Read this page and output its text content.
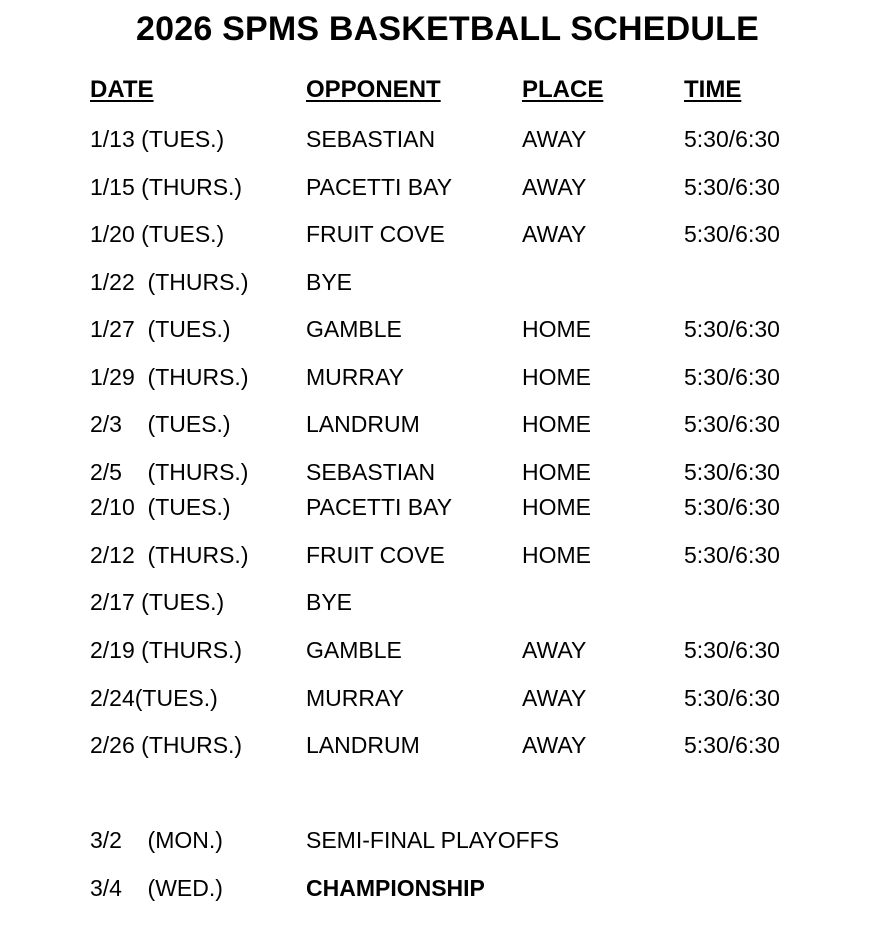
2026 SPMS BASKETBALL SCHEDULE
DATE	OPPONENT	PLACE	TIME
1/13 (TUES.)	SEBASTIAN	AWAY	5:30/6:30
1/15 (THURS.)	PACETTI BAY	AWAY	5:30/6:30
1/20 (TUES.)	FRUIT COVE	AWAY	5:30/6:30
1/22  (THURS.)	BYE
1/27  (TUES.)	GAMBLE	HOME	5:30/6:30
1/29  (THURS.)	MURRAY	HOME	5:30/6:30
2/3    (TUES.)	LANDRUM	HOME	5:30/6:30
2/5    (THURS.)	SEBASTIAN	HOME	5:30/6:30
2/10  (TUES.)	PACETTI BAY	HOME	5:30/6:30
2/12  (THURS.)	FRUIT COVE	HOME	5:30/6:30
2/17 (TUES.)	BYE
2/19 (THURS.)	GAMBLE	AWAY	5:30/6:30
2/24(TUES.)	MURRAY	AWAY	5:30/6:30
2/26 (THURS.)	LANDRUM	AWAY	5:30/6:30
3/2    (MON.)	SEMI-FINAL PLAYOFFS
3/4    (WED.)	CHAMPIONSHIP
